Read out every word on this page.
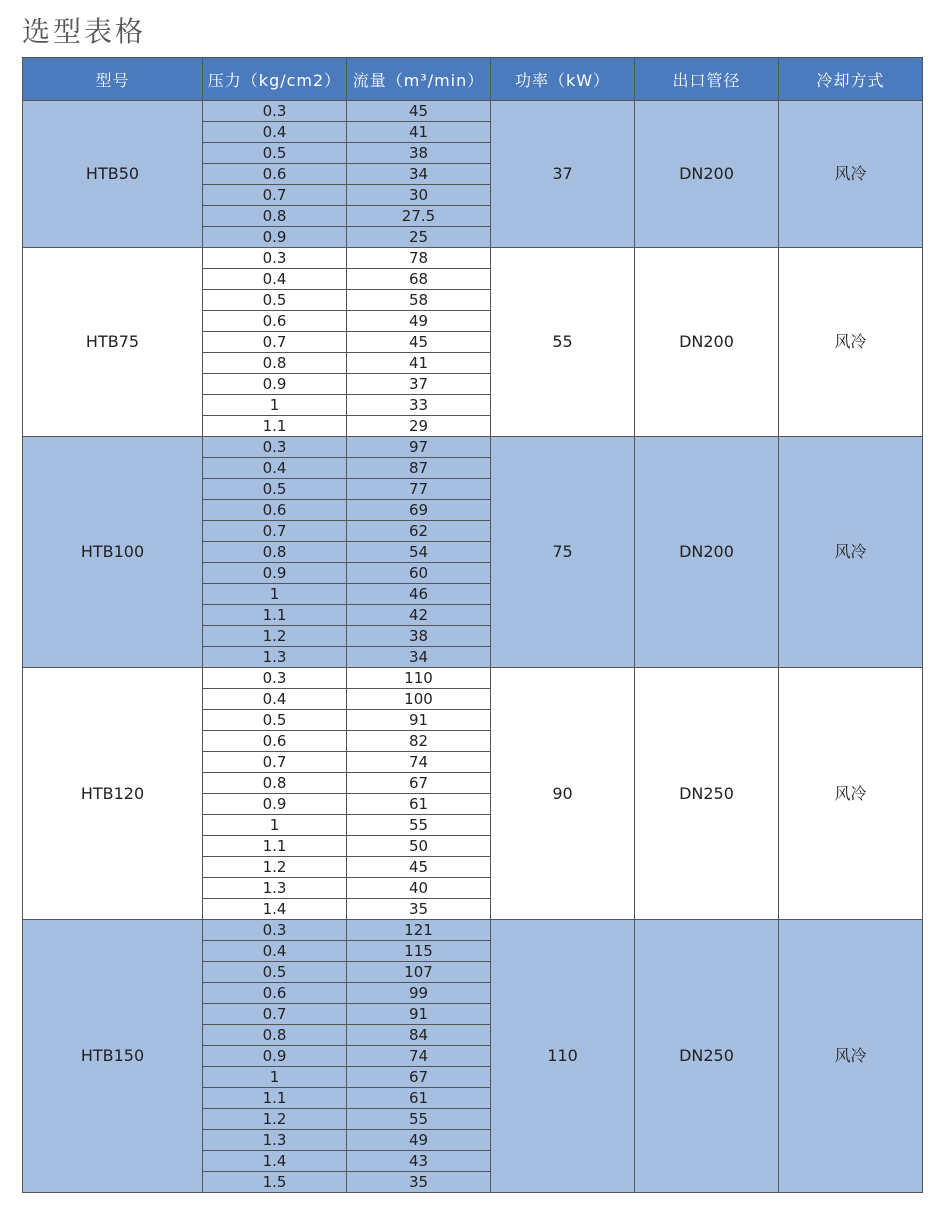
选型表格
型号	压力（kg/cm2）	流量（m³/min）	功率（kW）	出口管径	冷却方式
HTB50	0.3	45	37	DN200	风冷
	0.4	41			
	0.5	38			
	0.6	34			
	0.7	30			
	0.8	27.5			
	0.9	25			
HTB75	0.3	78	55	DN200	风冷
	0.4	68			
	0.5	58			
	0.6	49			
	0.7	45			
	0.8	41			
	0.9	37			
	1	33			
	1.1	29			
HTB100	0.3	97	75	DN200	风冷
	0.4	87			
	0.5	77			
	0.6	69			
	0.7	62			
	0.8	54			
	0.9	60			
	1	46			
	1.1	42			
	1.2	38			
	1.3	34			
HTB120	0.3	110	90	DN250	风冷
	0.4	100			
	0.5	91			
	0.6	82			
	0.7	74			
	0.8	67			
	0.9	61			
	1	55			
	1.1	50			
	1.2	45			
	1.3	40			
	1.4	35			
HTB150	0.3	121	110	DN250	风冷
	0.4	115			
	0.5	107			
	0.6	99			
	0.7	91			
	0.8	84			
	0.9	74			
	1	67			
	1.1	61			
	1.2	55			
	1.3	49			
	1.4	43			
	1.5	35			
